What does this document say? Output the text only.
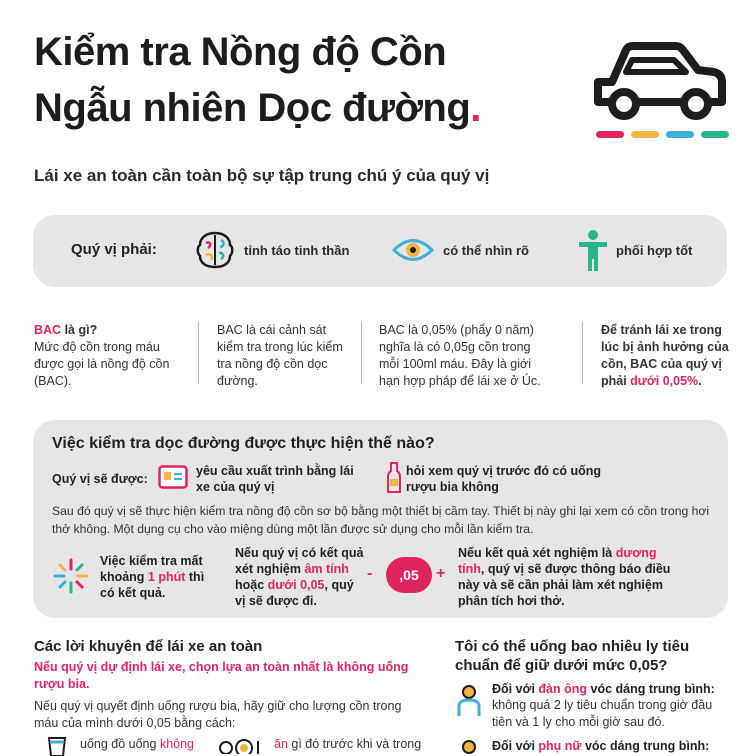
Kiểm tra Nồng độ Cồn
Ngẫu nhiên Dọc đường.
Lái xe an toàn cần toàn bộ sự tập trung chú ý của quý vị
Quý vị phải:	tỉnh táo tinh thần	có thể nhìn rõ	phối hợp tốt
BAC là gì?
Mức độ cồn trong máu được gọi là nồng độ cồn (BAC).
BAC là cái cảnh sát kiểm tra trong lúc kiểm tra nồng độ cồn dọc đường.
BAC là 0,05% (phẩy 0 năm) nghĩa là có 0,05g cồn trong mỗi 100ml máu. Đây là giới hạn hợp pháp để lái xe ở Úc.
Để tránh lái xe trong lúc bị ảnh hưởng của cồn, BAC của quý vị phải dưới 0,05%.
Việc kiểm tra dọc đường được thực hiện thế nào?
Quý vị sẽ được:
yêu cầu xuất trình bằng lái xe của quý vị
hỏi xem quý vị trước đó có uống rượu bia không
Sau đó quý vị sẽ thực hiện kiểm tra nồng độ cồn sơ bộ bằng một thiết bị cầm tay. Thiết bị này ghi lại xem có cồn trong hơi thở không. Một dụng cụ cho vào miệng dùng một lần được sử dụng cho mỗi lần kiểm tra.
Việc kiểm tra mất khoảng 1 phút thì có kết quả.
Nếu quý vị có kết quả xét nghiệm âm tính hoặc dưới 0,05, quý vị sẽ được đi.
-	,05	+
Nếu kết quả xét nghiệm là dương tính, quý vị sẽ được thông báo điều này và sẽ cần phải làm xét nghiệm phân tích hơi thở.
Các lời khuyên để lái xe an toàn
Nếu quý vị dự định lái xe, chọn lựa an toàn nhất là không uống rượu bia.
Nếu quý vị quyết định uống rượu bia, hãy giữ cho lượng cồn trong máu của mình dưới 0,05 bằng cách:
uống đồ uống không	ăn gì đó trước khi và trong
Tôi có thể uống bao nhiêu ly tiêu chuẩn để giữ dưới mức 0,05?
Đối với đàn ông vóc dáng trung bình:
không quá 2 ly tiêu chuẩn trong giờ đầu tiên và 1 ly cho mỗi giờ sau đó.
Đối với phụ nữ vóc dáng trung bình:
